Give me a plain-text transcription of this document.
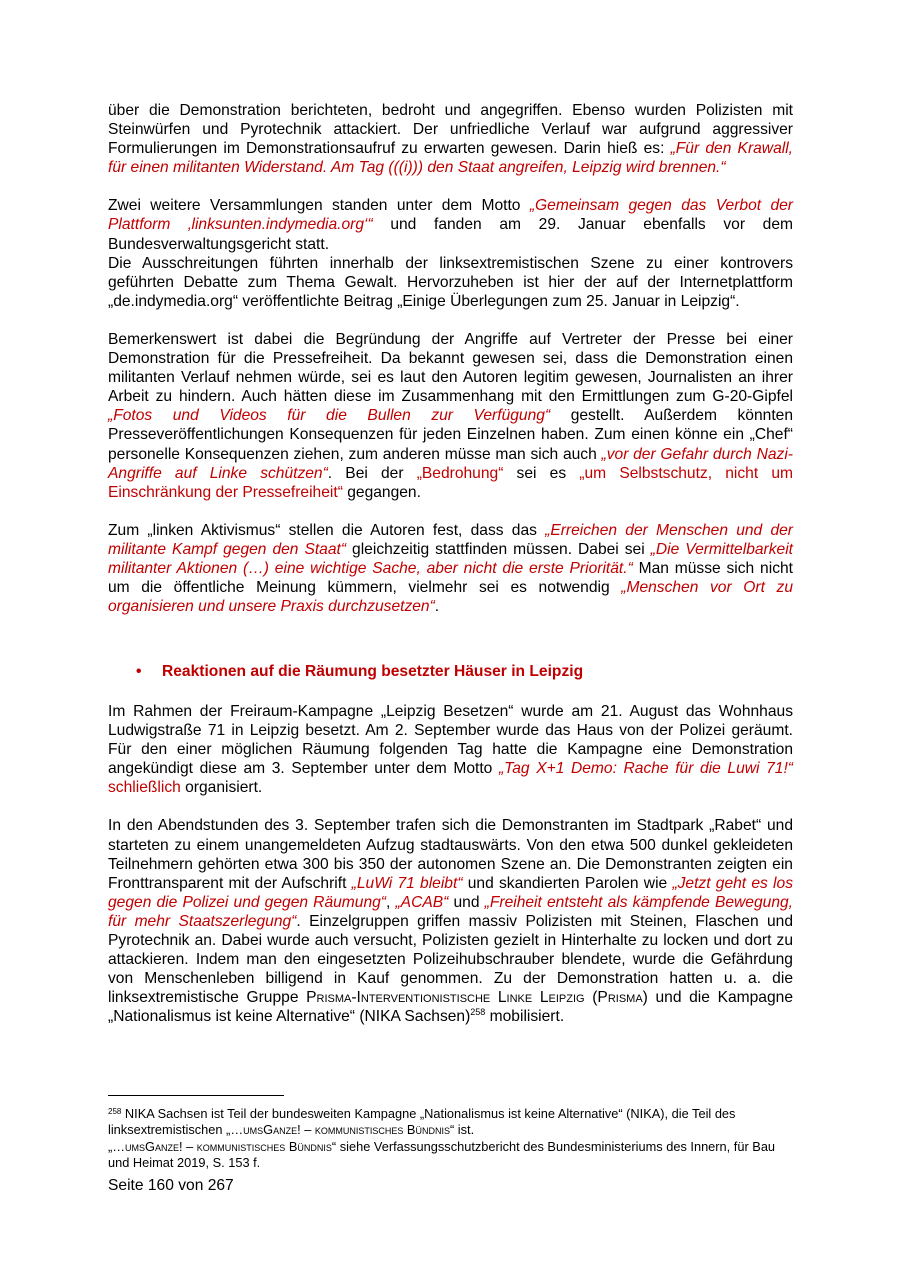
über die Demonstration berichteten, bedroht und angegriffen. Ebenso wurden Polizisten mit Steinwürfen und Pyrotechnik attackiert. Der unfriedliche Verlauf war aufgrund aggressiver Formulierungen im Demonstrationsaufruf zu erwarten gewesen. Darin hieß es: „Für den Krawall, für einen militanten Widerstand. Am Tag (((i))) den Staat angreifen, Leipzig wird brennen.“

Zwei weitere Versammlungen standen unter dem Motto „Gemeinsam gegen das Verbot der Plattform ‚linksunten.indymedia.org‘“ und fanden am 29. Januar ebenfalls vor dem Bundesverwaltungsgericht statt.

Die Ausschreitungen führten innerhalb der linksextremistischen Szene zu einer kontrovers geführten Debatte zum Thema Gewalt. Hervorzuheben ist hier der auf der Internetplattform „de.indymedia.org“ veröffentlichte Beitrag „Einige Überlegungen zum 25. Januar in Leipzig“.

Bemerkenswert ist dabei die Begründung der Angriffe auf Vertreter der Presse bei einer Demonstration für die Pressefreiheit. Da bekannt gewesen sei, dass die Demonstration einen militanten Verlauf nehmen würde, sei es laut den Autoren legitim gewesen, Journalisten an ihrer Arbeit zu hindern. Auch hätten diese im Zusammenhang mit den Ermittlungen zum G-20-Gipfel „Fotos und Videos für die Bullen zur Verfügung“ gestellt. Außerdem könnten Presseveröffentlichungen Konsequenzen für jeden Einzelnen haben. Zum einen könne ein „Chef“ personelle Konsequenzen ziehen, zum anderen müsse man sich auch „vor der Gefahr durch Nazi-Angriffe auf Linke schützen“. Bei der „Bedrohung“ sei es „um Selbstschutz, nicht um Einschränkung der Pressefreiheit“ gegangen.

Zum „linken Aktivismus“ stellen die Autoren fest, dass das „Erreichen der Menschen und der militante Kampf gegen den Staat“ gleichzeitig stattfinden müssen. Dabei sei „Die Vermittelbarkeit militanter Aktionen (…) eine wichtige Sache, aber nicht die erste Priorität.“ Man müsse sich nicht um die öffentliche Meinung kümmern, vielmehr sei es notwendig „Menschen vor Ort zu organisieren und unsere Praxis durchzusetzen“.

• Reaktionen auf die Räumung besetzter Häuser in Leipzig

Im Rahmen der Freiraum-Kampagne „Leipzig Besetzen“ wurde am 21. August das Wohnhaus Ludwigstraße 71 in Leipzig besetzt. Am 2. September wurde das Haus von der Polizei geräumt. Für den einer möglichen Räumung folgenden Tag hatte die Kampagne eine Demonstration angekündigt diese am 3. September unter dem Motto „Tag X+1 Demo: Rache für die Luwi 71!“ schließlich organisiert.

In den Abendstunden des 3. September trafen sich die Demonstranten im Stadtpark „Rabet“ und starteten zu einem unangemeldeten Aufzug stadtauswärts. Von den etwa 500 dunkel gekleideten Teilnehmern gehörten etwa 300 bis 350 der autonomen Szene an. Die Demonstranten zeigten ein Fronttransparent mit der Aufschrift „LuWi 71 bleibt“ und skandierten Parolen wie „Jetzt geht es los gegen die Polizei und gegen Räumung“, „ACAB“ und „Freiheit entsteht als kämpfende Bewegung, für mehr Staatszerlegung“. Einzelgruppen griffen massiv Polizisten mit Steinen, Flaschen und Pyrotechnik an. Dabei wurde auch versucht, Polizisten gezielt in Hinterhalte zu locken und dort zu attackieren. Indem man den eingesetzten Polizeihubschrauber blendete, wurde die Gefährdung von Menschenleben billigend in Kauf genommen. Zu der Demonstration hatten u. a. die linksextremistische Gruppe Prisma-Interventionistische Linke Leipzig (Prisma) und die Kampagne „Nationalismus ist keine Alternative“ (NIKA Sachsen)$^{258}$ mobilisiert.

$^{258}$ NIKA Sachsen ist Teil der bundesweiten Kampagne „Nationalismus ist keine Alternative“ (NIKA), die Teil des linksextremistischen „…umsGanze! – kommunistisches Bündnis“ ist.
„…umsGanze! – kommunistisches Bündnis“ siehe Verfassungsschutzbericht des Bundesministeriums des Innern, für Bau und Heimat 2019, S. 153 f.
Seite 160 von 267
